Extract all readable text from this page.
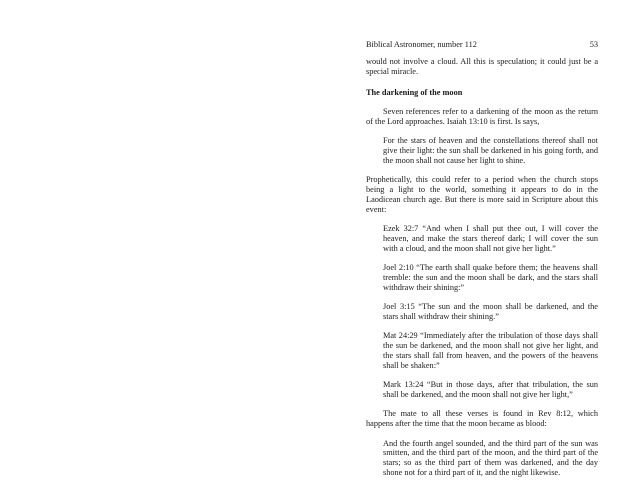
Biblical Astronomer, number 112	53

would not involve a cloud. All this is speculation; it could just be a special miracle.

The darkening of the moon

Seven references refer to a darkening of the moon as the return of the Lord approaches. Isaiah 13:10 is first. Is says,

For the stars of heaven and the constellations thereof shall not give their light: the sun shall be darkened in his going forth, and the moon shall not cause her light to shine.

Prophetically, this could refer to a period when the church stops being a light to the world, something it appears to do in the Laodicean church age. But there is more said in Scripture about this event:

Ezek 32:7 “And when I shall put thee out, I will cover the heaven, and make the stars thereof dark; I will cover the sun with a cloud, and the moon shall not give her light.”

Joel 2:10 “The earth shall quake before them; the heavens shall tremble: the sun and the moon shall be dark, and the stars shall withdraw their shining:”

Joel 3:15 “The sun and the moon shall be darkened, and the stars shall withdraw their shining.”

Mat 24:29 “Immediately after the tribulation of those days shall the sun be darkened, and the moon shall not give her light, and the stars shall fall from heaven, and the powers of the heavens shall be shaken:”

Mark 13:24 “But in those days, after that tribulation, the sun shall be darkened, and the moon shall not give her light,”

The mate to all these verses is found in Rev 8:12, which happens after the time that the moon became as blood:

And the fourth angel sounded, and the third part of the sun was smitten, and the third part of the moon, and the third part of the stars; so as the third part of them was darkened, and the day shone not for a third part of it, and the night likewise.
